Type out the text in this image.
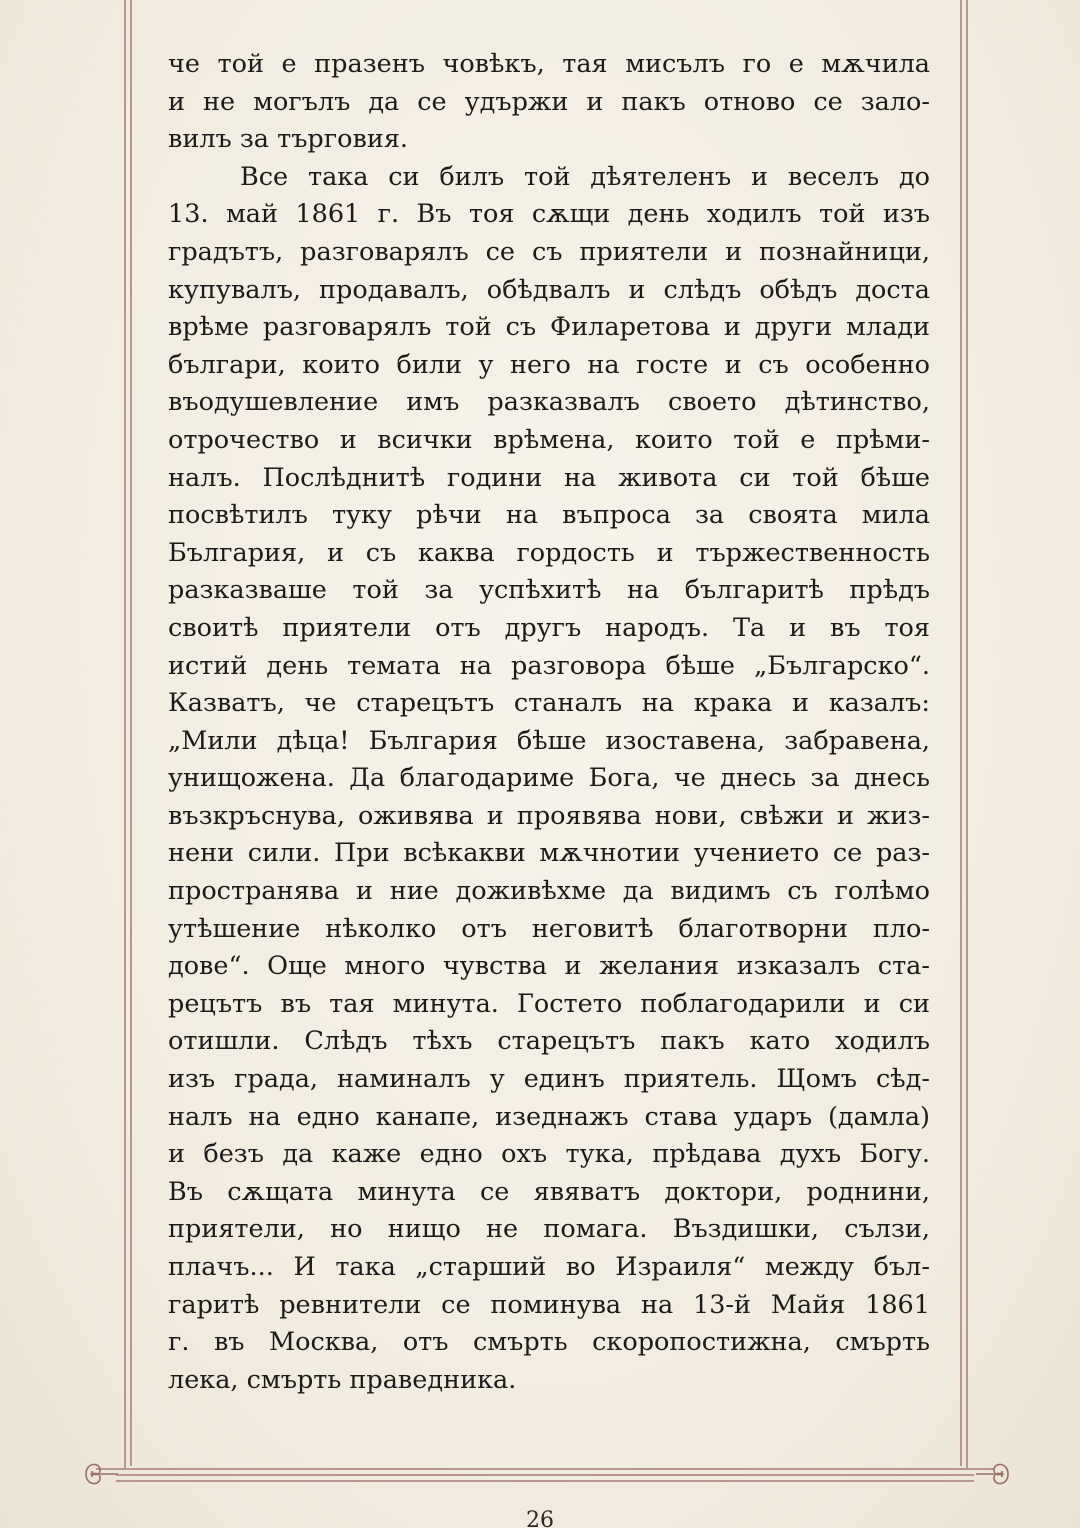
че той е празенъ човѣкъ, тая мисълъ го е мѫчила
и не могълъ да се удържи и пакъ отново се зало-
вилъ за търговия.
Все така си билъ той дѣятеленъ и веселъ до
13. май 1861 г. Въ тоя сѫщи день ходилъ той изъ
градътъ, разговарялъ се съ приятели и познайници,
купувалъ, продавалъ, обѣдвалъ и слѣдъ обѣдъ доста
врѣме разговарялъ той съ Филаретова и други млади
българи, които били у него на госте и съ особенно
въодушевление имъ разказвалъ своето дѣтинство,
отрочество и всички врѣмена, които той е прѣми-
налъ. Послѣднитѣ години на живота си той бѣше
посвѣтилъ туку рѣчи на въпроса за своята мила
България, и съ каква гордость и тържественность
разказваше той за успѣхитѣ на българитѣ прѣдъ
своитѣ приятели отъ другъ народъ. Та и въ тоя
истий день темата на разговора бѣше „Българско“.
Казватъ, че старецътъ станалъ на крака и казалъ:
„Мили дѣца! България бѣше изоставена, забравена,
унищожена. Да благодариме Бога, че днесь за днесь
възкръснува, оживява и проявява нови, свѣжи и жиз-
нени сили. При всѣкакви мѫчнотии учението се раз-
пространява и ние доживѣхме да видимъ съ голѣмо
утѣшение нѣколко отъ неговитѣ благотворни пло-
дове“. Още много чувства и желания изказалъ ста-
рецътъ въ тая минута. Гостето поблагодарили и си
отишли. Слѣдъ тѣхъ старецътъ пакъ като ходилъ
изъ града, наминалъ у единъ приятель. Щомъ сѣд-
налъ на едно канапе, изеднажъ става ударъ (дамла)
и безъ да каже едно охъ тука, прѣдава духъ Богу.
Въ сѫщата минута се явяватъ доктори, роднини,
приятели, но нищо не помага. Въздишки, сълзи,
плачъ... И така „старший во Израиля“ между бъл-
гаритѣ ревнители се поминува на 13-й Майя 1861
г. въ Москва, отъ смърть скоропостижна, смърть
лека, смърть праведника.
26
